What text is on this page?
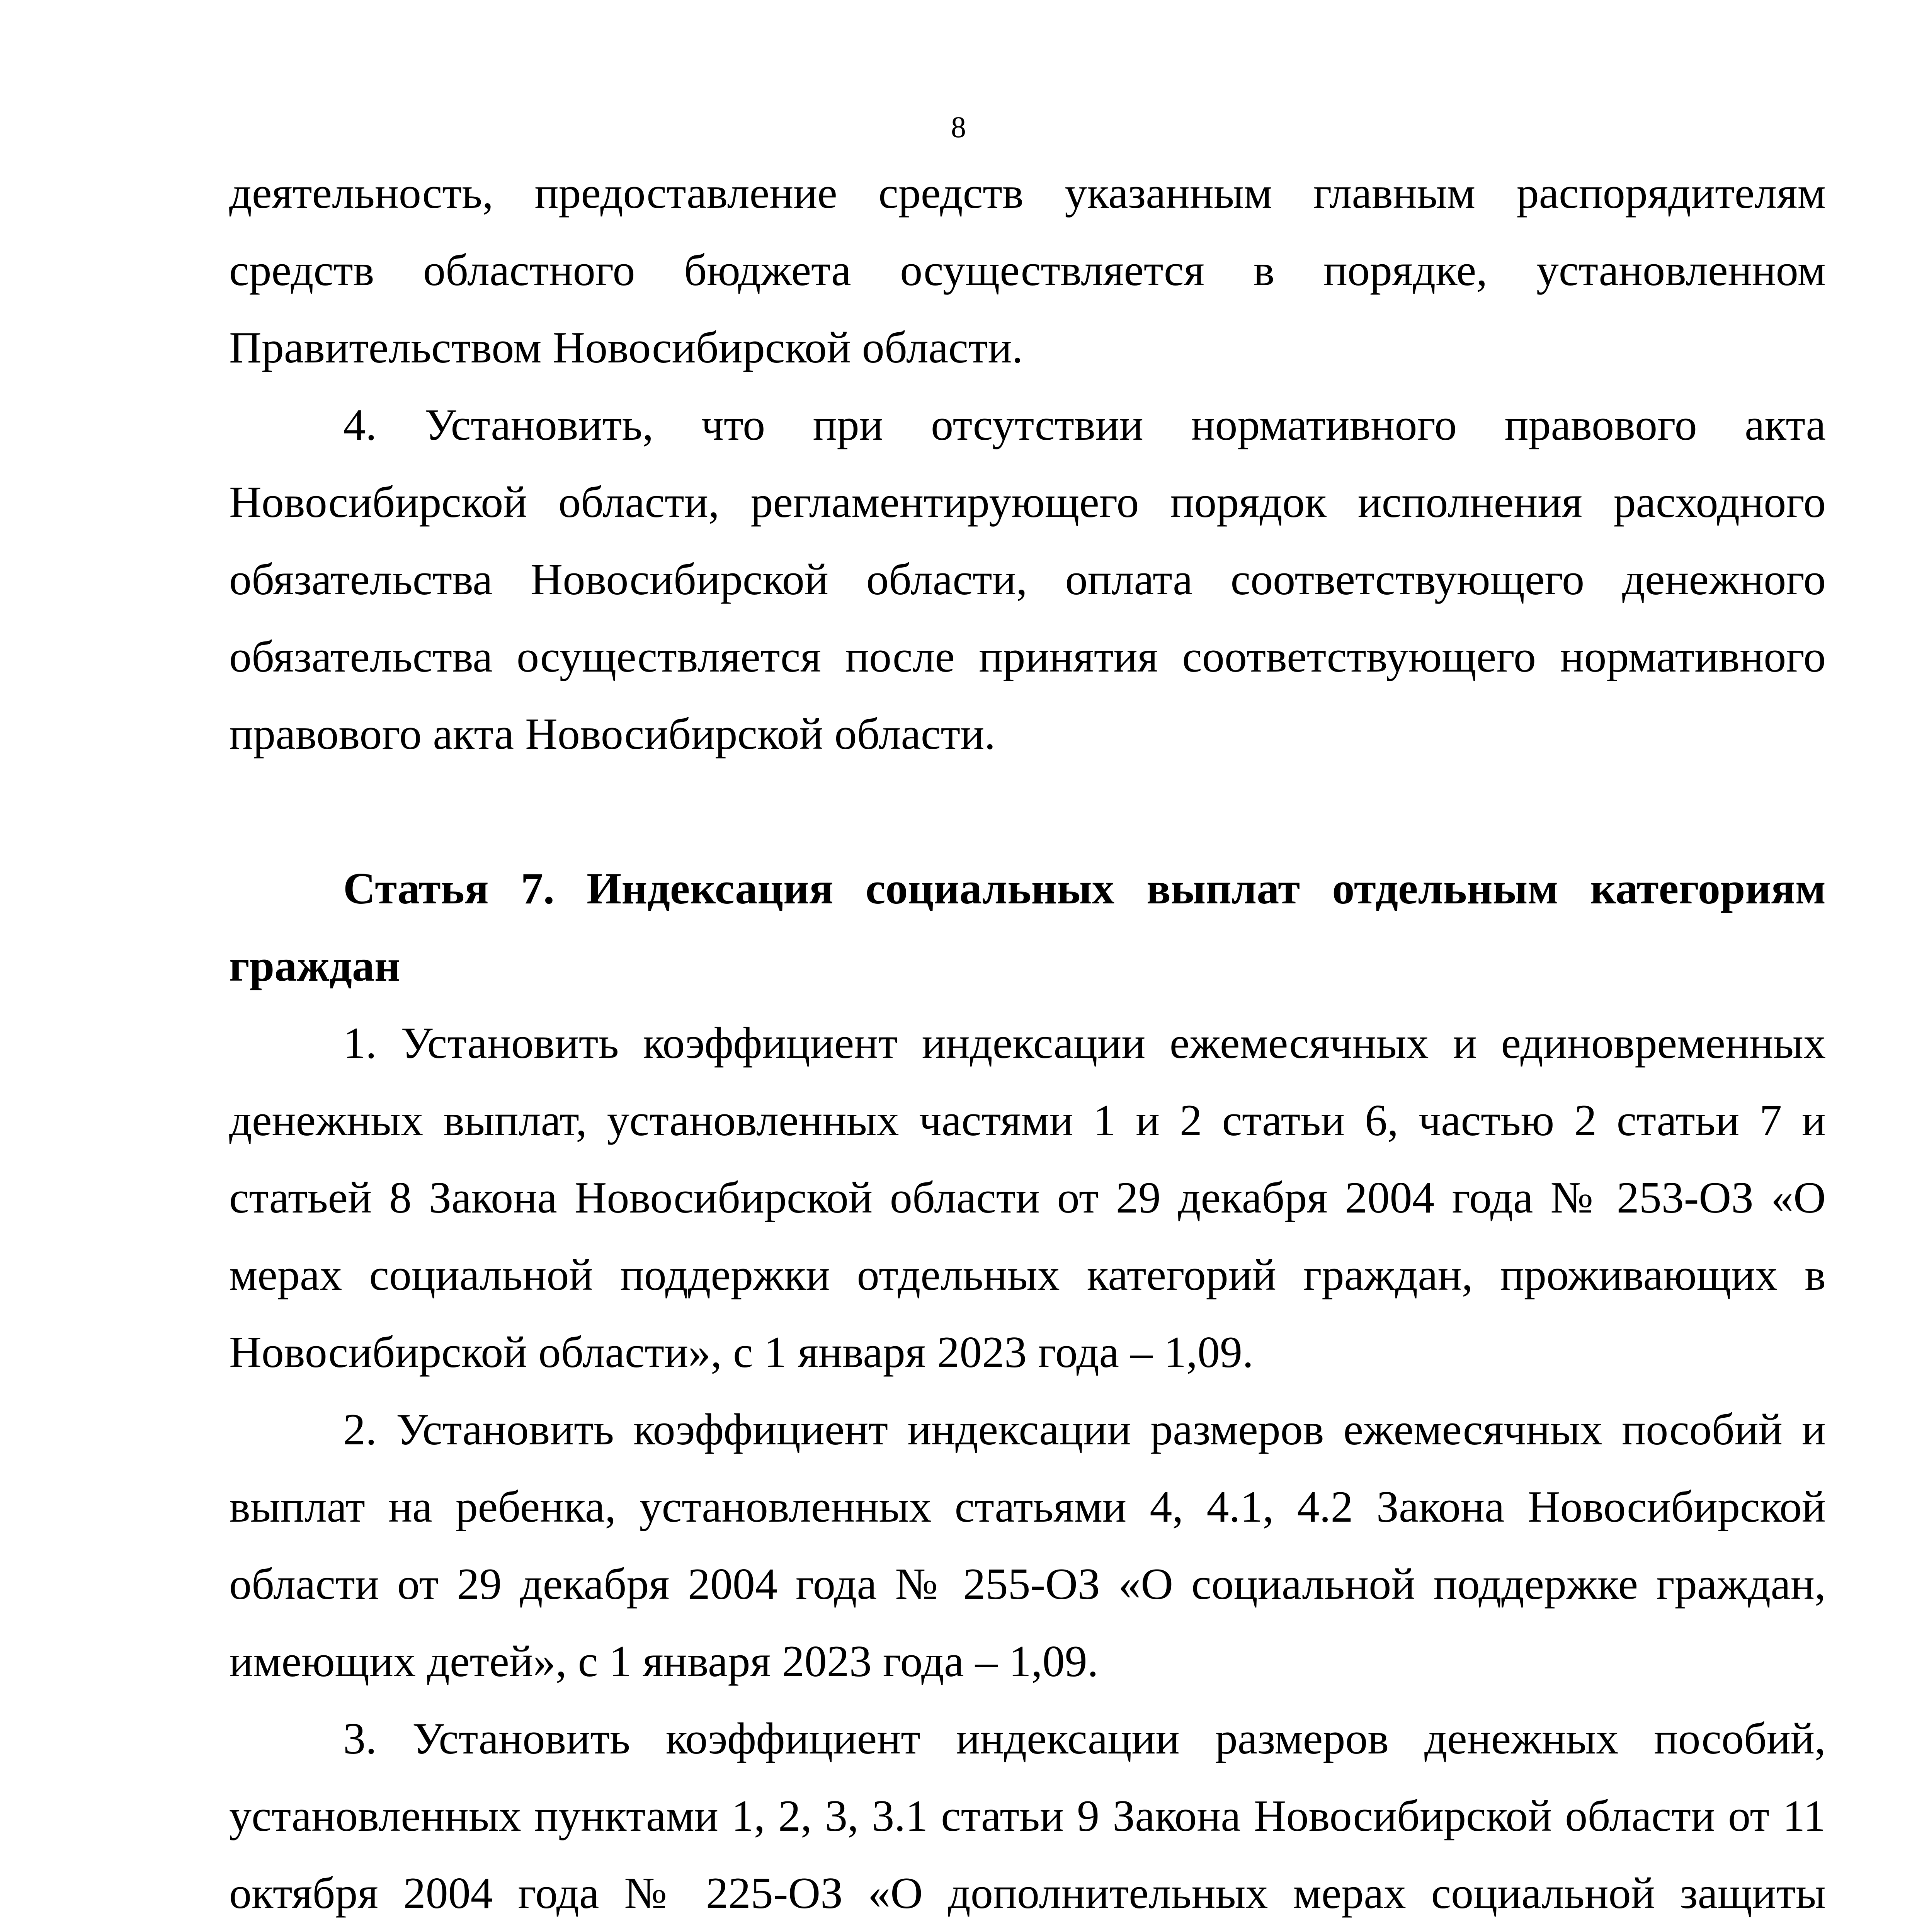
8

деятельность, предоставление средств указанным главным распорядителям средств областного бюджета осуществляется в порядке, установленном Правительством Новосибирской области.

4. Установить, что при отсутствии нормативного правового акта Новосибирской области, регламентирующего порядок исполнения расходного обязательства Новосибирской области, оплата соответствующего денежного обязательства осуществляется после принятия соответствующего нормативного правового акта Новосибирской области.

Статья 7. Индексация социальных выплат отдельным категориям граждан

1. Установить коэффициент индексации ежемесячных и единовременных денежных выплат, установленных частями 1 и 2 статьи 6, частью 2 статьи 7 и статьей 8 Закона Новосибирской области от 29 декабря 2004 года № 253-ОЗ «О мерах социальной поддержки отдельных категорий граждан, проживающих в Новосибирской области», с 1 января 2023 года – 1,09.

2. Установить коэффициент индексации размеров ежемесячных пособий и выплат на ребенка, установленных статьями 4, 4.1, 4.2 Закона Новосибирской области от 29 декабря 2004 года № 255-ОЗ «О социальной поддержке граждан, имеющих детей», с 1 января 2023 года – 1,09.

3. Установить коэффициент индексации размеров денежных пособий, установленных пунктами 1, 2, 3, 3.1 статьи 9 Закона Новосибирской области от 11 октября 2004 года № 225-ОЗ «О дополнительных мерах социальной защиты
